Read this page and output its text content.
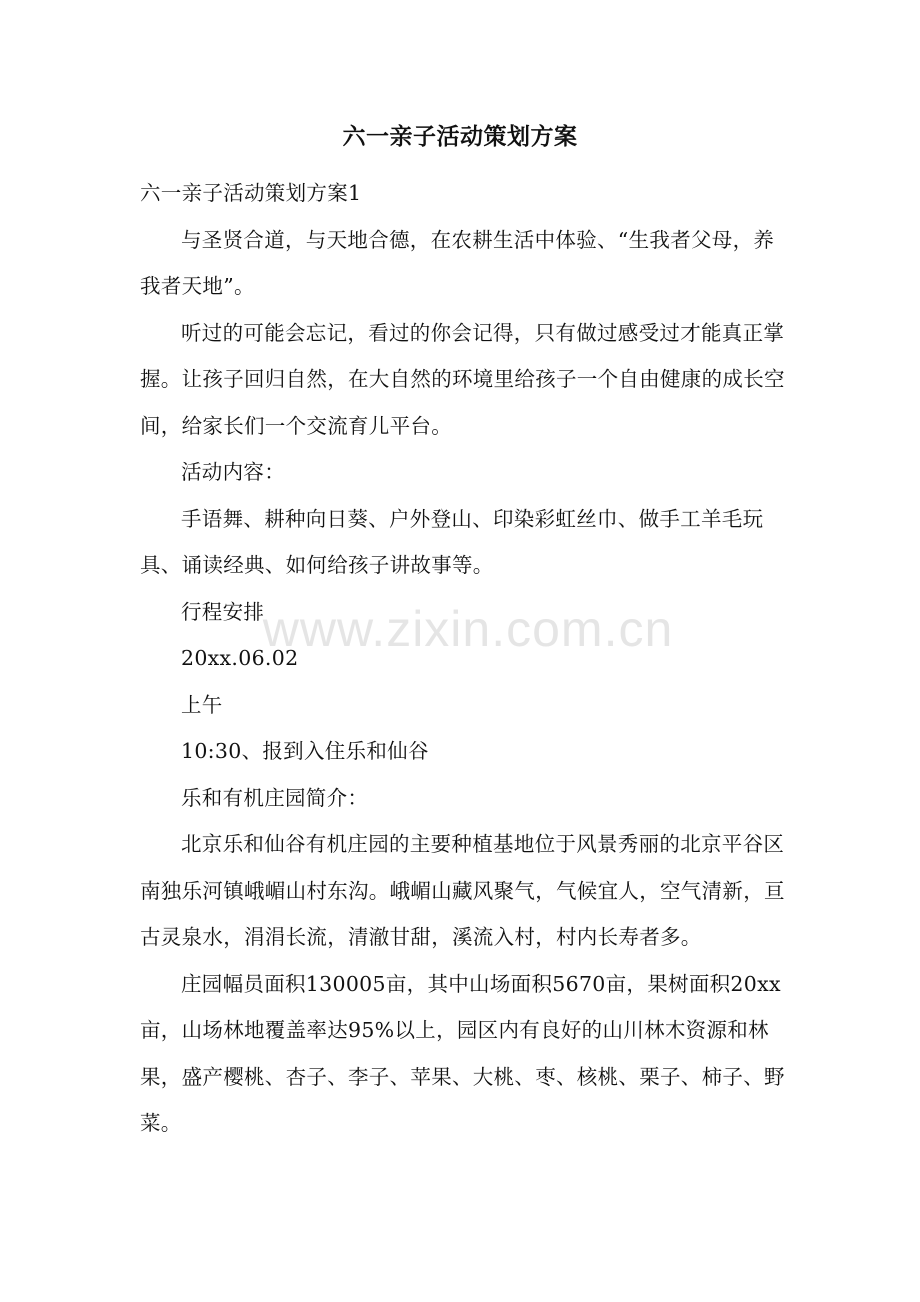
六一亲子活动策划方案

六一亲子活动策划方案1

与圣贤合道，与天地合德，在农耕生活中体验、“生我者父母，养我者天地”。

听过的可能会忘记，看过的你会记得，只有做过感受过才能真正掌握。让孩子回归自然，在大自然的环境里给孩子一个自由健康的成长空间，给家长们一个交流育儿平台。

活动内容：

手语舞、耕种向日葵、户外登山、印染彩虹丝巾、做手工羊毛玩具、诵读经典、如何给孩子讲故事等。

行程安排

20xx.06.02

上午

10:30、报到入住乐和仙谷

乐和有机庄园简介：

北京乐和仙谷有机庄园的主要种植基地位于风景秀丽的北京平谷区南独乐河镇峨嵋山村东沟。峨嵋山藏风聚气，气候宜人，空气清新，亘古灵泉水，涓涓长流，清澈甘甜，溪流入村，村内长寿者多。

庄园幅员面积130005亩，其中山场面积5670亩，果树面积20xx亩，山场林地覆盖率达95%以上，园区内有良好的山川林木资源和林果，盛产樱桃、杏子、李子、苹果、大桃、枣、核桃、栗子、柿子、野菜。

www.zixin.com.cn
